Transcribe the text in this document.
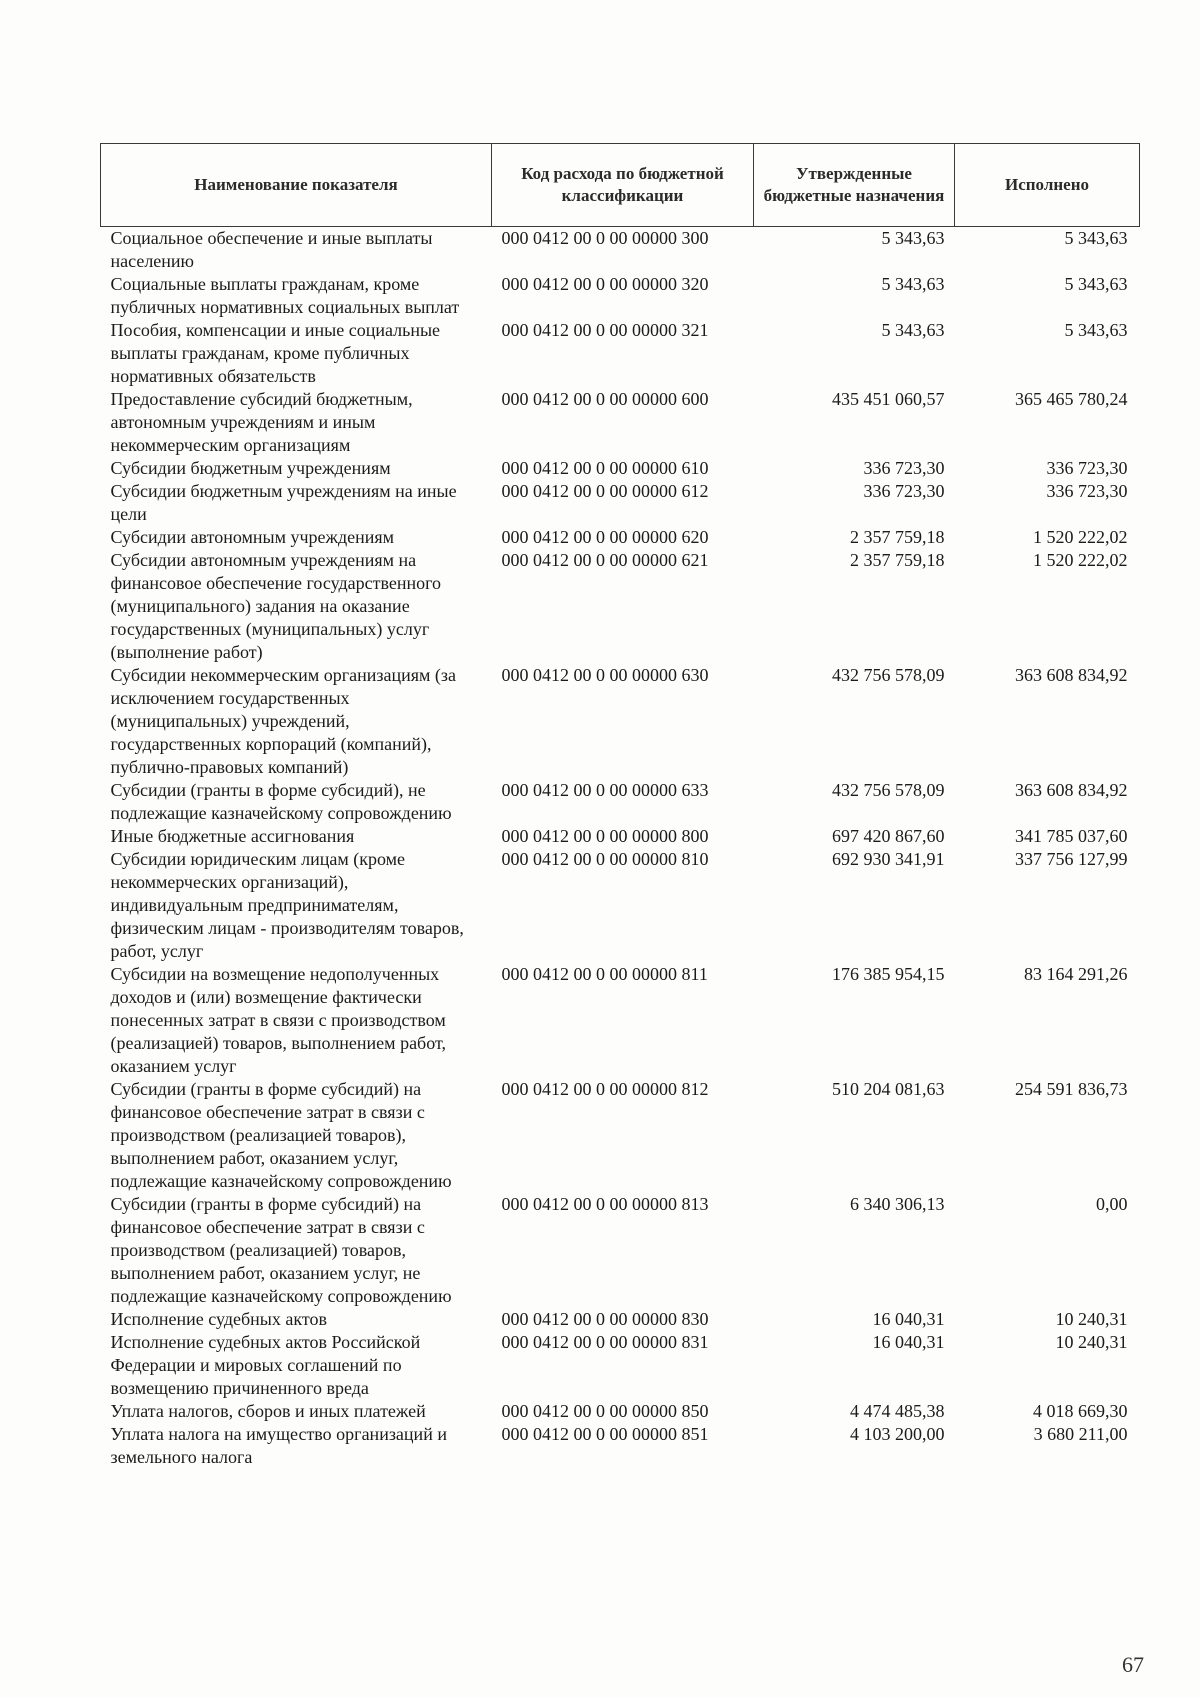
Наименование показателя	Код расхода по бюджетной классификации	Утвержденные бюджетные назначения	Исполнено
Социальное обеспечение и иные выплаты населению	000 0412 00 0 00 00000 300	5 343,63	5 343,63
Социальные выплаты гражданам, кроме публичных нормативных социальных выплат	000 0412 00 0 00 00000 320	5 343,63	5 343,63
Пособия, компенсации и иные социальные выплаты гражданам, кроме публичных нормативных обязательств	000 0412 00 0 00 00000 321	5 343,63	5 343,63
Предоставление субсидий бюджетным, автономным учреждениям и иным некоммерческим организациям	000 0412 00 0 00 00000 600	435 451 060,57	365 465 780,24
Субсидии бюджетным учреждениям	000 0412 00 0 00 00000 610	336 723,30	336 723,30
Субсидии бюджетным учреждениям на иные цели	000 0412 00 0 00 00000 612	336 723,30	336 723,30
Субсидии автономным учреждениям	000 0412 00 0 00 00000 620	2 357 759,18	1 520 222,02
Субсидии автономным учреждениям на финансовое обеспечение государственного (муниципального) задания на оказание государственных (муниципальных) услуг (выполнение работ)	000 0412 00 0 00 00000 621	2 357 759,18	1 520 222,02
Субсидии некоммерческим организациям (за исключением государственных (муниципальных) учреждений, государственных корпораций (компаний), публично-правовых компаний)	000 0412 00 0 00 00000 630	432 756 578,09	363 608 834,92
Субсидии (гранты в форме субсидий), не подлежащие казначейскому сопровождению	000 0412 00 0 00 00000 633	432 756 578,09	363 608 834,92
Иные бюджетные ассигнования	000 0412 00 0 00 00000 800	697 420 867,60	341 785 037,60
Субсидии юридическим лицам (кроме некоммерческих организаций), индивидуальным предпринимателям, физическим лицам - производителям товаров, работ, услуг	000 0412 00 0 00 00000 810	692 930 341,91	337 756 127,99
Субсидии на возмещение недополученных доходов и (или) возмещение фактически понесенных затрат в связи с производством (реализацией) товаров, выполнением работ, оказанием услуг	000 0412 00 0 00 00000 811	176 385 954,15	83 164 291,26
Субсидии (гранты в форме субсидий) на финансовое обеспечение затрат в связи с производством (реализацией товаров), выполнением работ, оказанием услуг, подлежащие казначейскому сопровождению	000 0412 00 0 00 00000 812	510 204 081,63	254 591 836,73
Субсидии (гранты в форме субсидий) на финансовое обеспечение затрат в связи с производством (реализацией) товаров, выполнением работ, оказанием услуг, не подлежащие казначейскому сопровождению	000 0412 00 0 00 00000 813	6 340 306,13	0,00
Исполнение судебных актов	000 0412 00 0 00 00000 830	16 040,31	10 240,31
Исполнение судебных актов Российской Федерации и мировых соглашений по возмещению причиненного вреда	000 0412 00 0 00 00000 831	16 040,31	10 240,31
Уплата налогов, сборов и иных платежей	000 0412 00 0 00 00000 850	4 474 485,38	4 018 669,30
Уплата налога на имущество организаций и земельного налога	000 0412 00 0 00 00000 851	4 103 200,00	3 680 211,00
67
